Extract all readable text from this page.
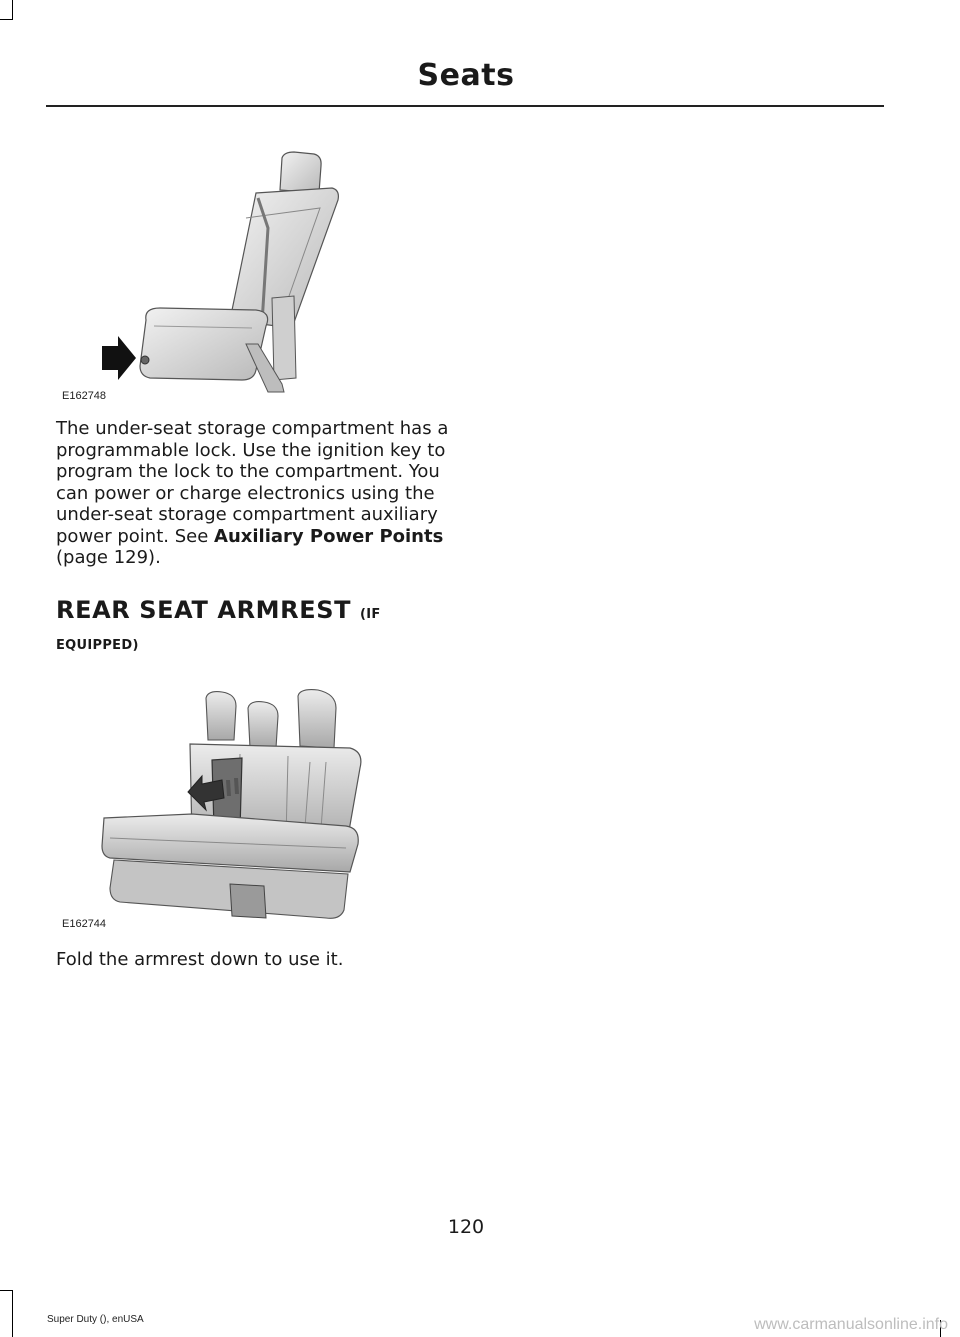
Seats
E162748
The under-seat storage compartment has a programmable lock. Use the ignition key to program the lock to the compartment. You can power or charge electronics using the under-seat storage compartment auxiliary power point. See Auxiliary Power Points (page 129).
REAR SEAT ARMREST (IF
EQUIPPED)
E162744
Fold the armrest down to use it.
120
Super Duty (), enUSA	www.carmanualsonline.info
